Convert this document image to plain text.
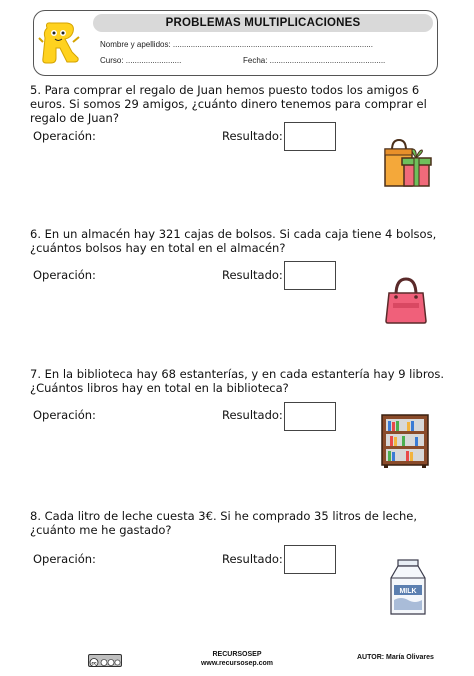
PROBLEMAS MULTIPLICACIONES
Nombre y apellidos: ..........................................................................................
Curso: .........................	Fecha: ....................................................

5. Para comprar el regalo de Juan hemos puesto todos los amigos 6 euros. Si somos 29 amigos, ¿cuánto dinero tenemos para comprar el regalo de Juan?

Operación:	Resultado:

6. En un almacén hay 321 cajas de bolsos. Si cada caja tiene 4 bolsos, ¿cuántos bolsos hay en total en el almacén?

Operación:	Resultado:

7. En la biblioteca hay 68 estanterías, y en cada estantería hay 9 libros. ¿Cuántos libros hay en total en la biblioteca?

Operación:	Resultado:

8. Cada litro de leche cuesta 3€. Si he comprado 35 litros de leche, ¿cuánto me he gastado?

Operación:	Resultado:
MILK
cc
RECURSOSEP
www.recursosep.com
AUTOR: María Olivares
